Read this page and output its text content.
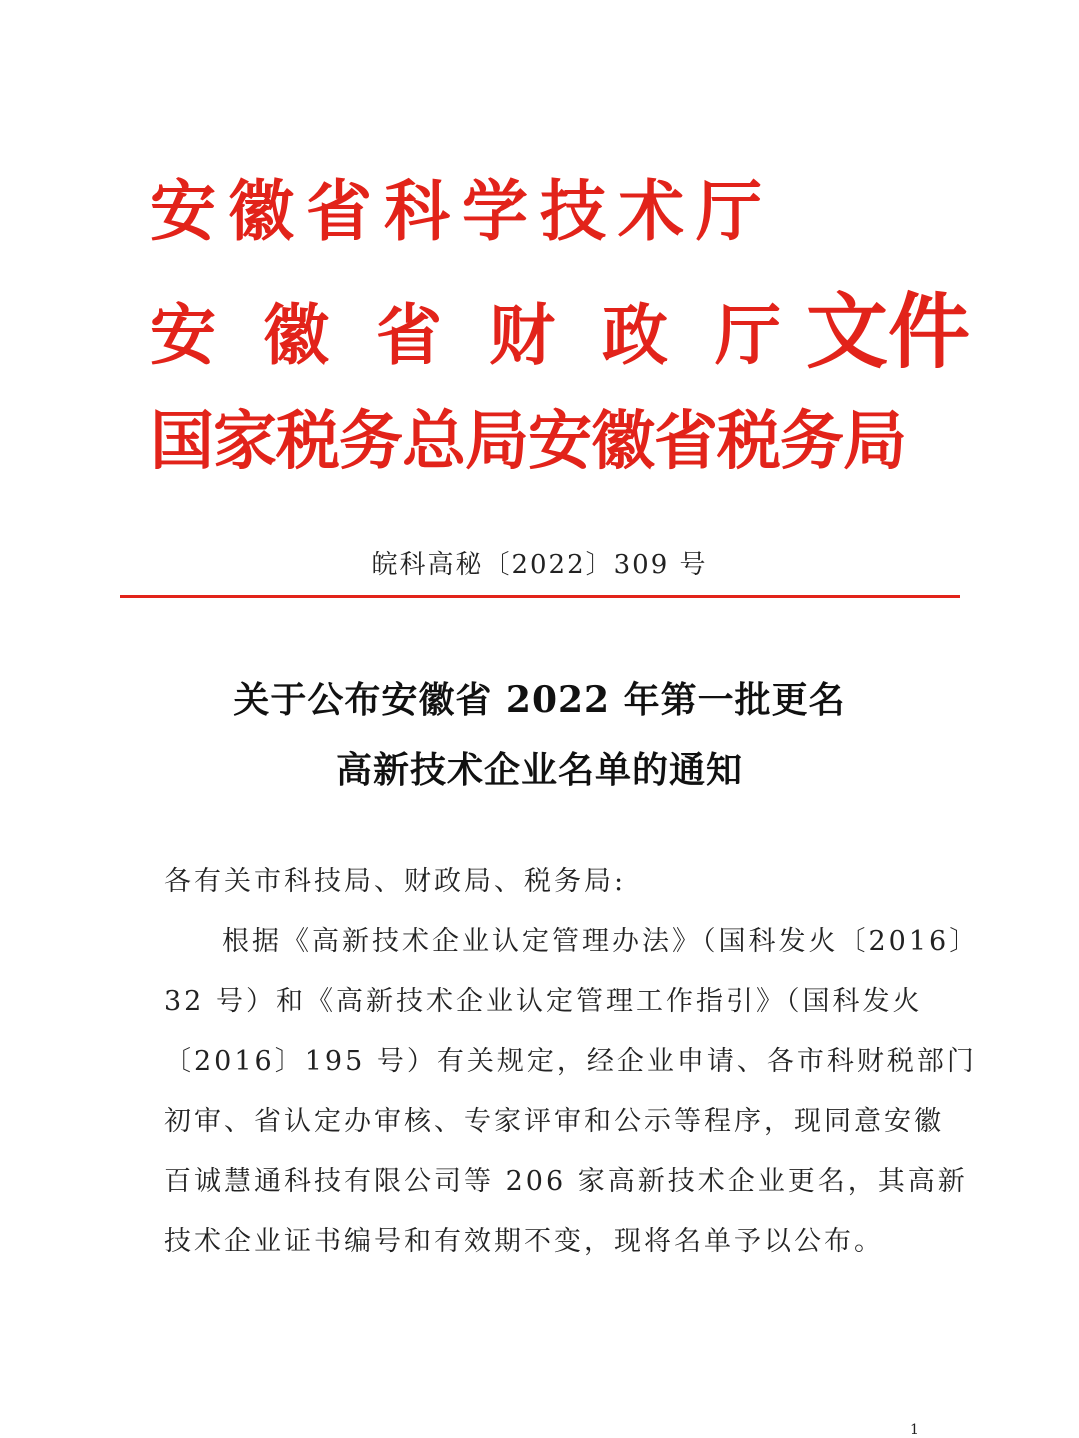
安徽省科学技术厅
安徽省财政厅
文件
国家税务总局安徽省税务局
皖科高秘〔2022〕309 号
关于公布安徽省 2022 年第一批更名
高新技术企业名单的通知
各有关市科技局、财政局、税务局:
根据《高新技术企业认定管理办法》（国科发火〔2016〕
32 号）和《高新技术企业认定管理工作指引》（国科发火
〔2016〕195 号）有关规定，经企业申请、各市科财税部门
初审、省认定办审核、专家评审和公示等程序，现同意安徽
百诚慧通科技有限公司等 206 家高新技术企业更名，其高新
技术企业证书编号和有效期不变，现将名单予以公布。
1
